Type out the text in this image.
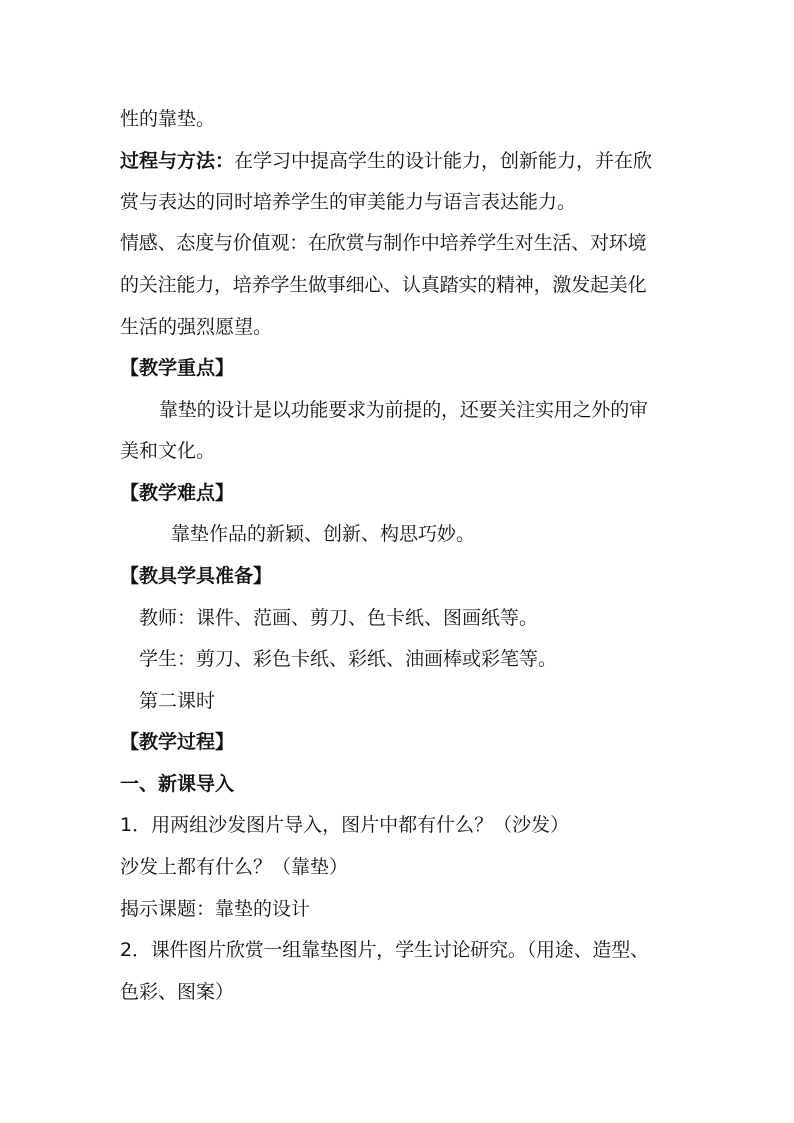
性的靠垫。
过程与方法：在学习中提高学生的设计能力，创新能力，并在欣
赏与表达的同时培养学生的审美能力与语言表达能力。
情感、态度与价值观：在欣赏与制作中培养学生对生活、对环境
的关注能力，培养学生做事细心、认真踏实的精神，激发起美化
生活的强烈愿望。
【教学重点】
靠垫的设计是以功能要求为前提的，还要关注实用之外的审
美和文化。
【教学难点】
靠垫作品的新颖、创新、构思巧妙。
【教具学具准备】
教师：课件、范画、剪刀、色卡纸、图画纸等。
学生：剪刀、彩色卡纸、彩纸、油画棒或彩笔等。
第二课时
【教学过程】
一、新课导入
1．用两组沙发图片导入，图片中都有什么？（沙发）
沙发上都有什么？（靠垫）
揭示课题：靠垫的设计
2．课件图片欣赏一组靠垫图片，学生讨论研究。（用途、造型、
色彩、图案）
